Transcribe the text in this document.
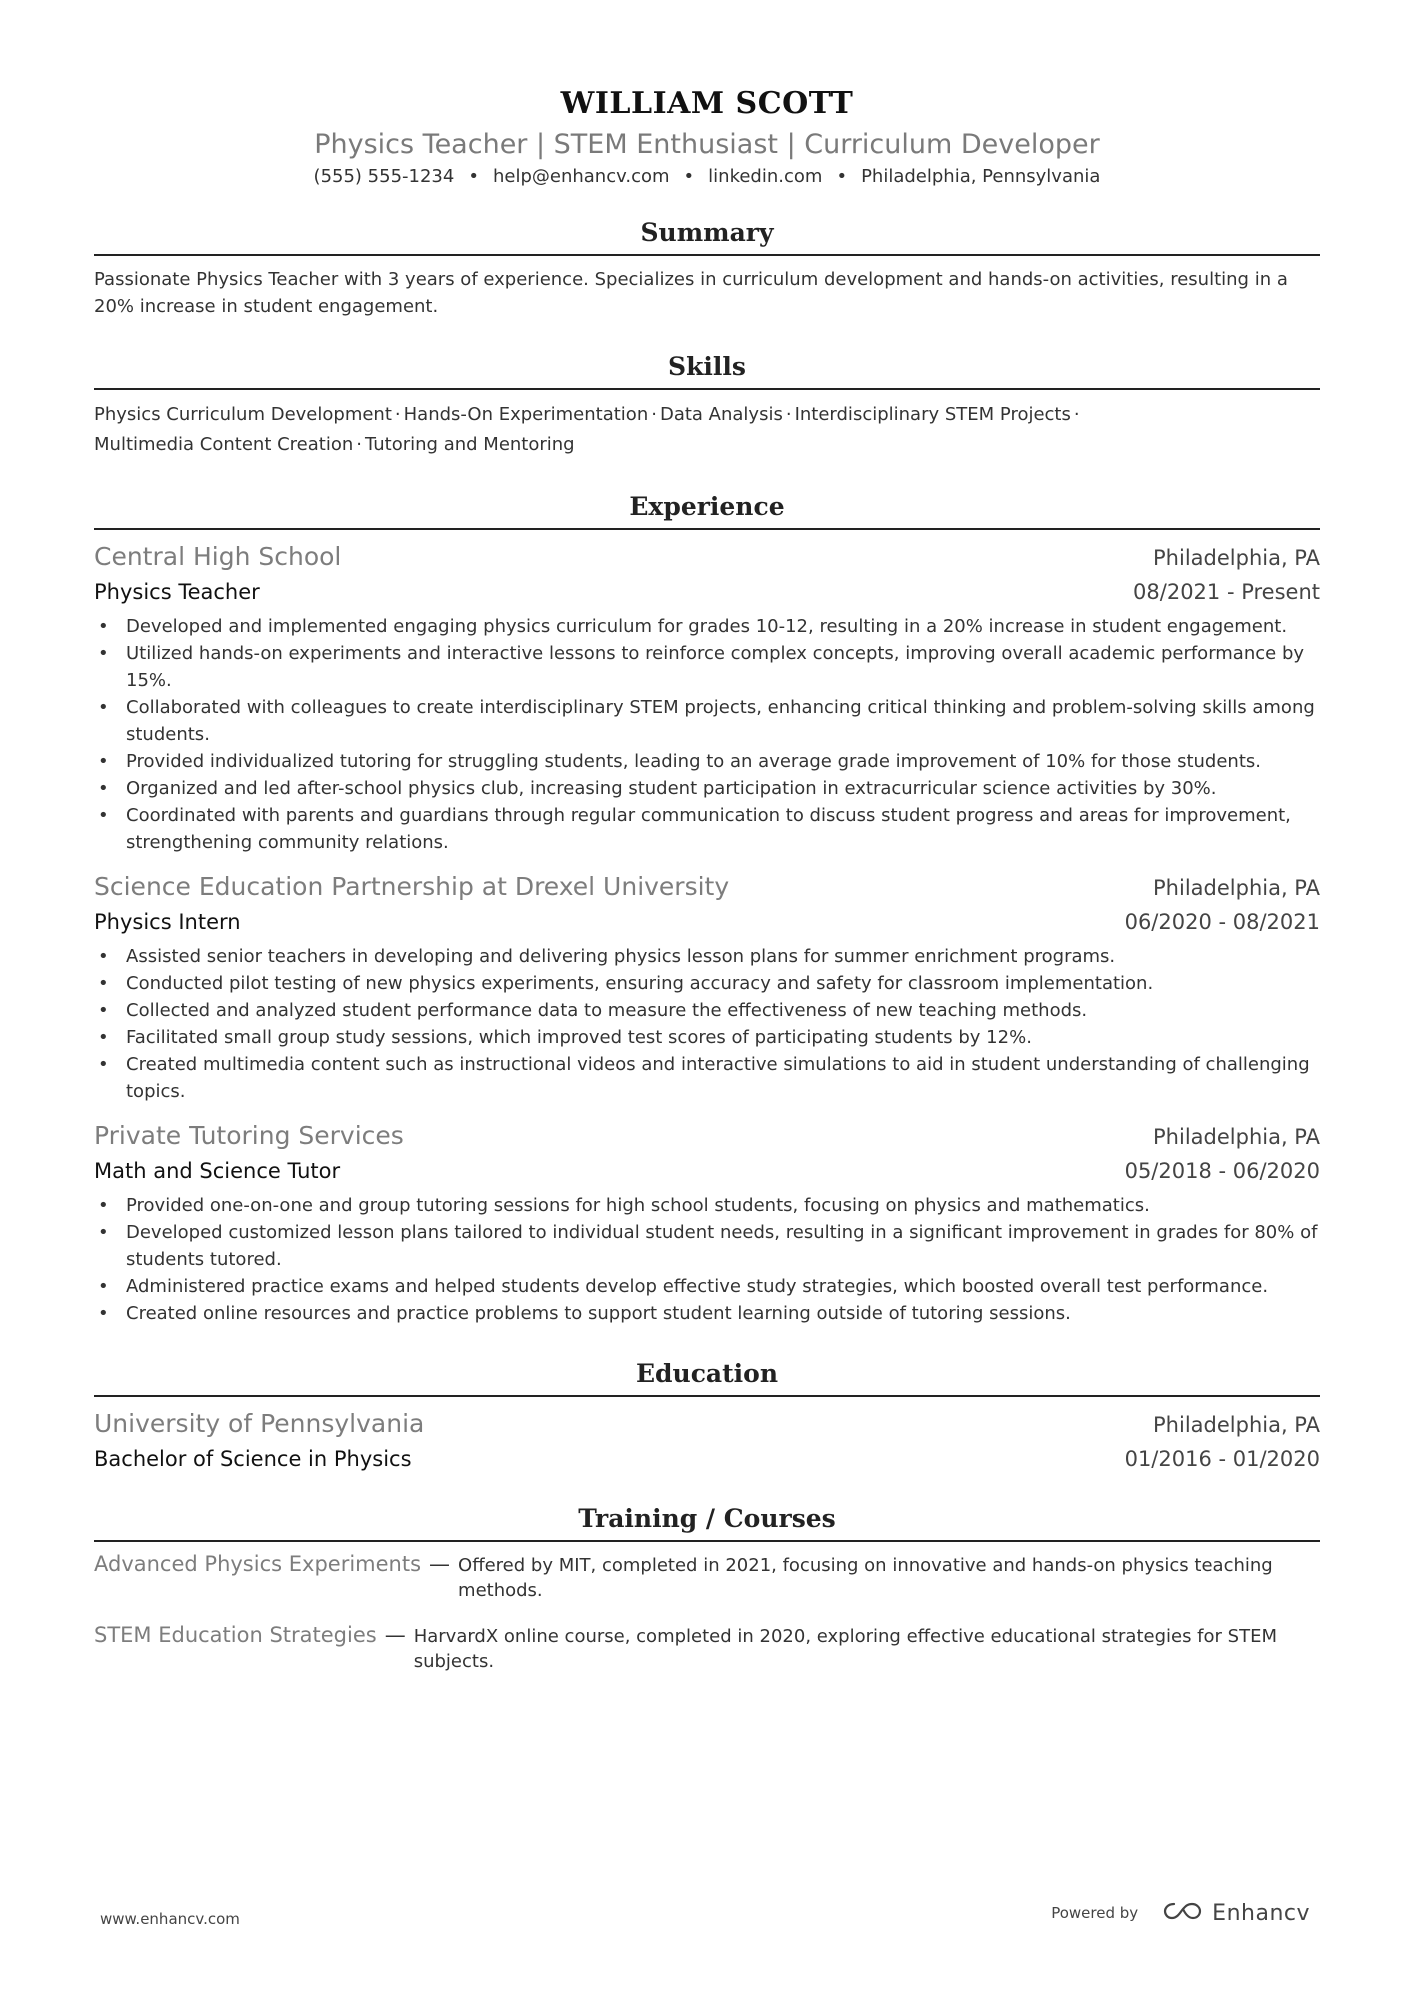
WILLIAM SCOTT

Physics Teacher | STEM Enthusiast | Curriculum Developer

(555) 555-1234 • help@enhancv.com • linkedin.com • Philadelphia, Pennsylvania

Summary

Passionate Physics Teacher with 3 years of experience. Specializes in curriculum development and hands-on activities, resulting in a 20% increase in student engagement.

Skills
Physics Curriculum Development · Hands-On Experimentation · Data Analysis · Interdisciplinary STEM Projects ·
Multimedia Content Creation · Tutoring and Mentoring
Experience
Central High School	Philadelphia, PA
Physics Teacher	08/2021 - Present
• Developed and implemented engaging physics curriculum for grades 10-12, resulting in a 20% increase in student engagement.
• Utilized hands-on experiments and interactive lessons to reinforce complex concepts, improving overall academic performance by 15%.
• Collaborated with colleagues to create interdisciplinary STEM projects, enhancing critical thinking and problem-solving skills among students.
• Provided individualized tutoring for struggling students, leading to an average grade improvement of 10% for those students.
• Organized and led after-school physics club, increasing student participation in extracurricular science activities by 30%.
• Coordinated with parents and guardians through regular communication to discuss student progress and areas for improvement, strengthening community relations.
Science Education Partnership at Drexel University	Philadelphia, PA
Physics Intern	06/2020 - 08/2021
• Assisted senior teachers in developing and delivering physics lesson plans for summer enrichment programs.
• Conducted pilot testing of new physics experiments, ensuring accuracy and safety for classroom implementation.
• Collected and analyzed student performance data to measure the effectiveness of new teaching methods.
• Facilitated small group study sessions, which improved test scores of participating students by 12%.
• Created multimedia content such as instructional videos and interactive simulations to aid in student understanding of challenging topics.
Private Tutoring Services	Philadelphia, PA
Math and Science Tutor	05/2018 - 06/2020
• Provided one-on-one and group tutoring sessions for high school students, focusing on physics and mathematics.
• Developed customized lesson plans tailored to individual student needs, resulting in a significant improvement in grades for 80% of students tutored.
• Administered practice exams and helped students develop effective study strategies, which boosted overall test performance.
• Created online resources and practice problems to support student learning outside of tutoring sessions.
Education
University of Pennsylvania	Philadelphia, PA
Bachelor of Science in Physics	01/2016 - 01/2020
Training / Courses
Advanced Physics Experiments — Offered by MIT, completed in 2021, focusing on innovative and hands-on physics teaching methods.
STEM Education Strategies — HarvardX online course, completed in 2020, exploring effective educational strategies for STEM subjects.
www.enhancv.com	Powered by	Enhancv
